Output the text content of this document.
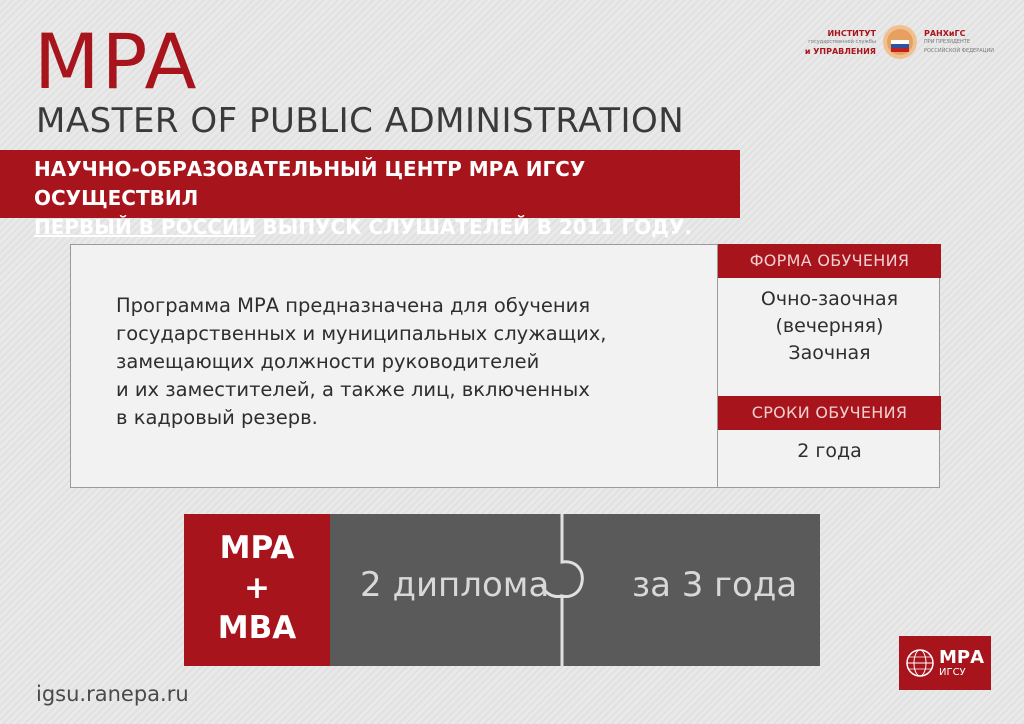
MPA
MASTER OF PUBLIC ADMINISTRATION
ИНСТИТУТ
государственной службы
и УПРАВЛЕНИЯ
РАНХиГС
ПРИ ПРЕЗИДЕНТЕ
РОССИЙСКОЙ ФЕДЕРАЦИИ
НАУЧНО-ОБРАЗОВАТЕЛЬНЫЙ ЦЕНТР МРА ИГСУ ОСУЩЕСТВИЛ
ПЕРВЫЙ В РОССИИ ВЫПУСК СЛУШАТЕЛЕЙ В 2011 ГОДУ.
Программа МРА предназначена для обучения
государственных и муниципальных служащих,
замещающих должности руководителей
и их заместителей, а также лиц, включенных
в кадровый резерв.
ФОРМА ОБУЧЕНИЯ
Очно-заочная
(вечерняя)
Заочная
СРОКИ ОБУЧЕНИЯ
2 года
MPA
+
MBA
2 диплома за 3 года
igsu.ranepa.ru
МРА
ИГСУ
